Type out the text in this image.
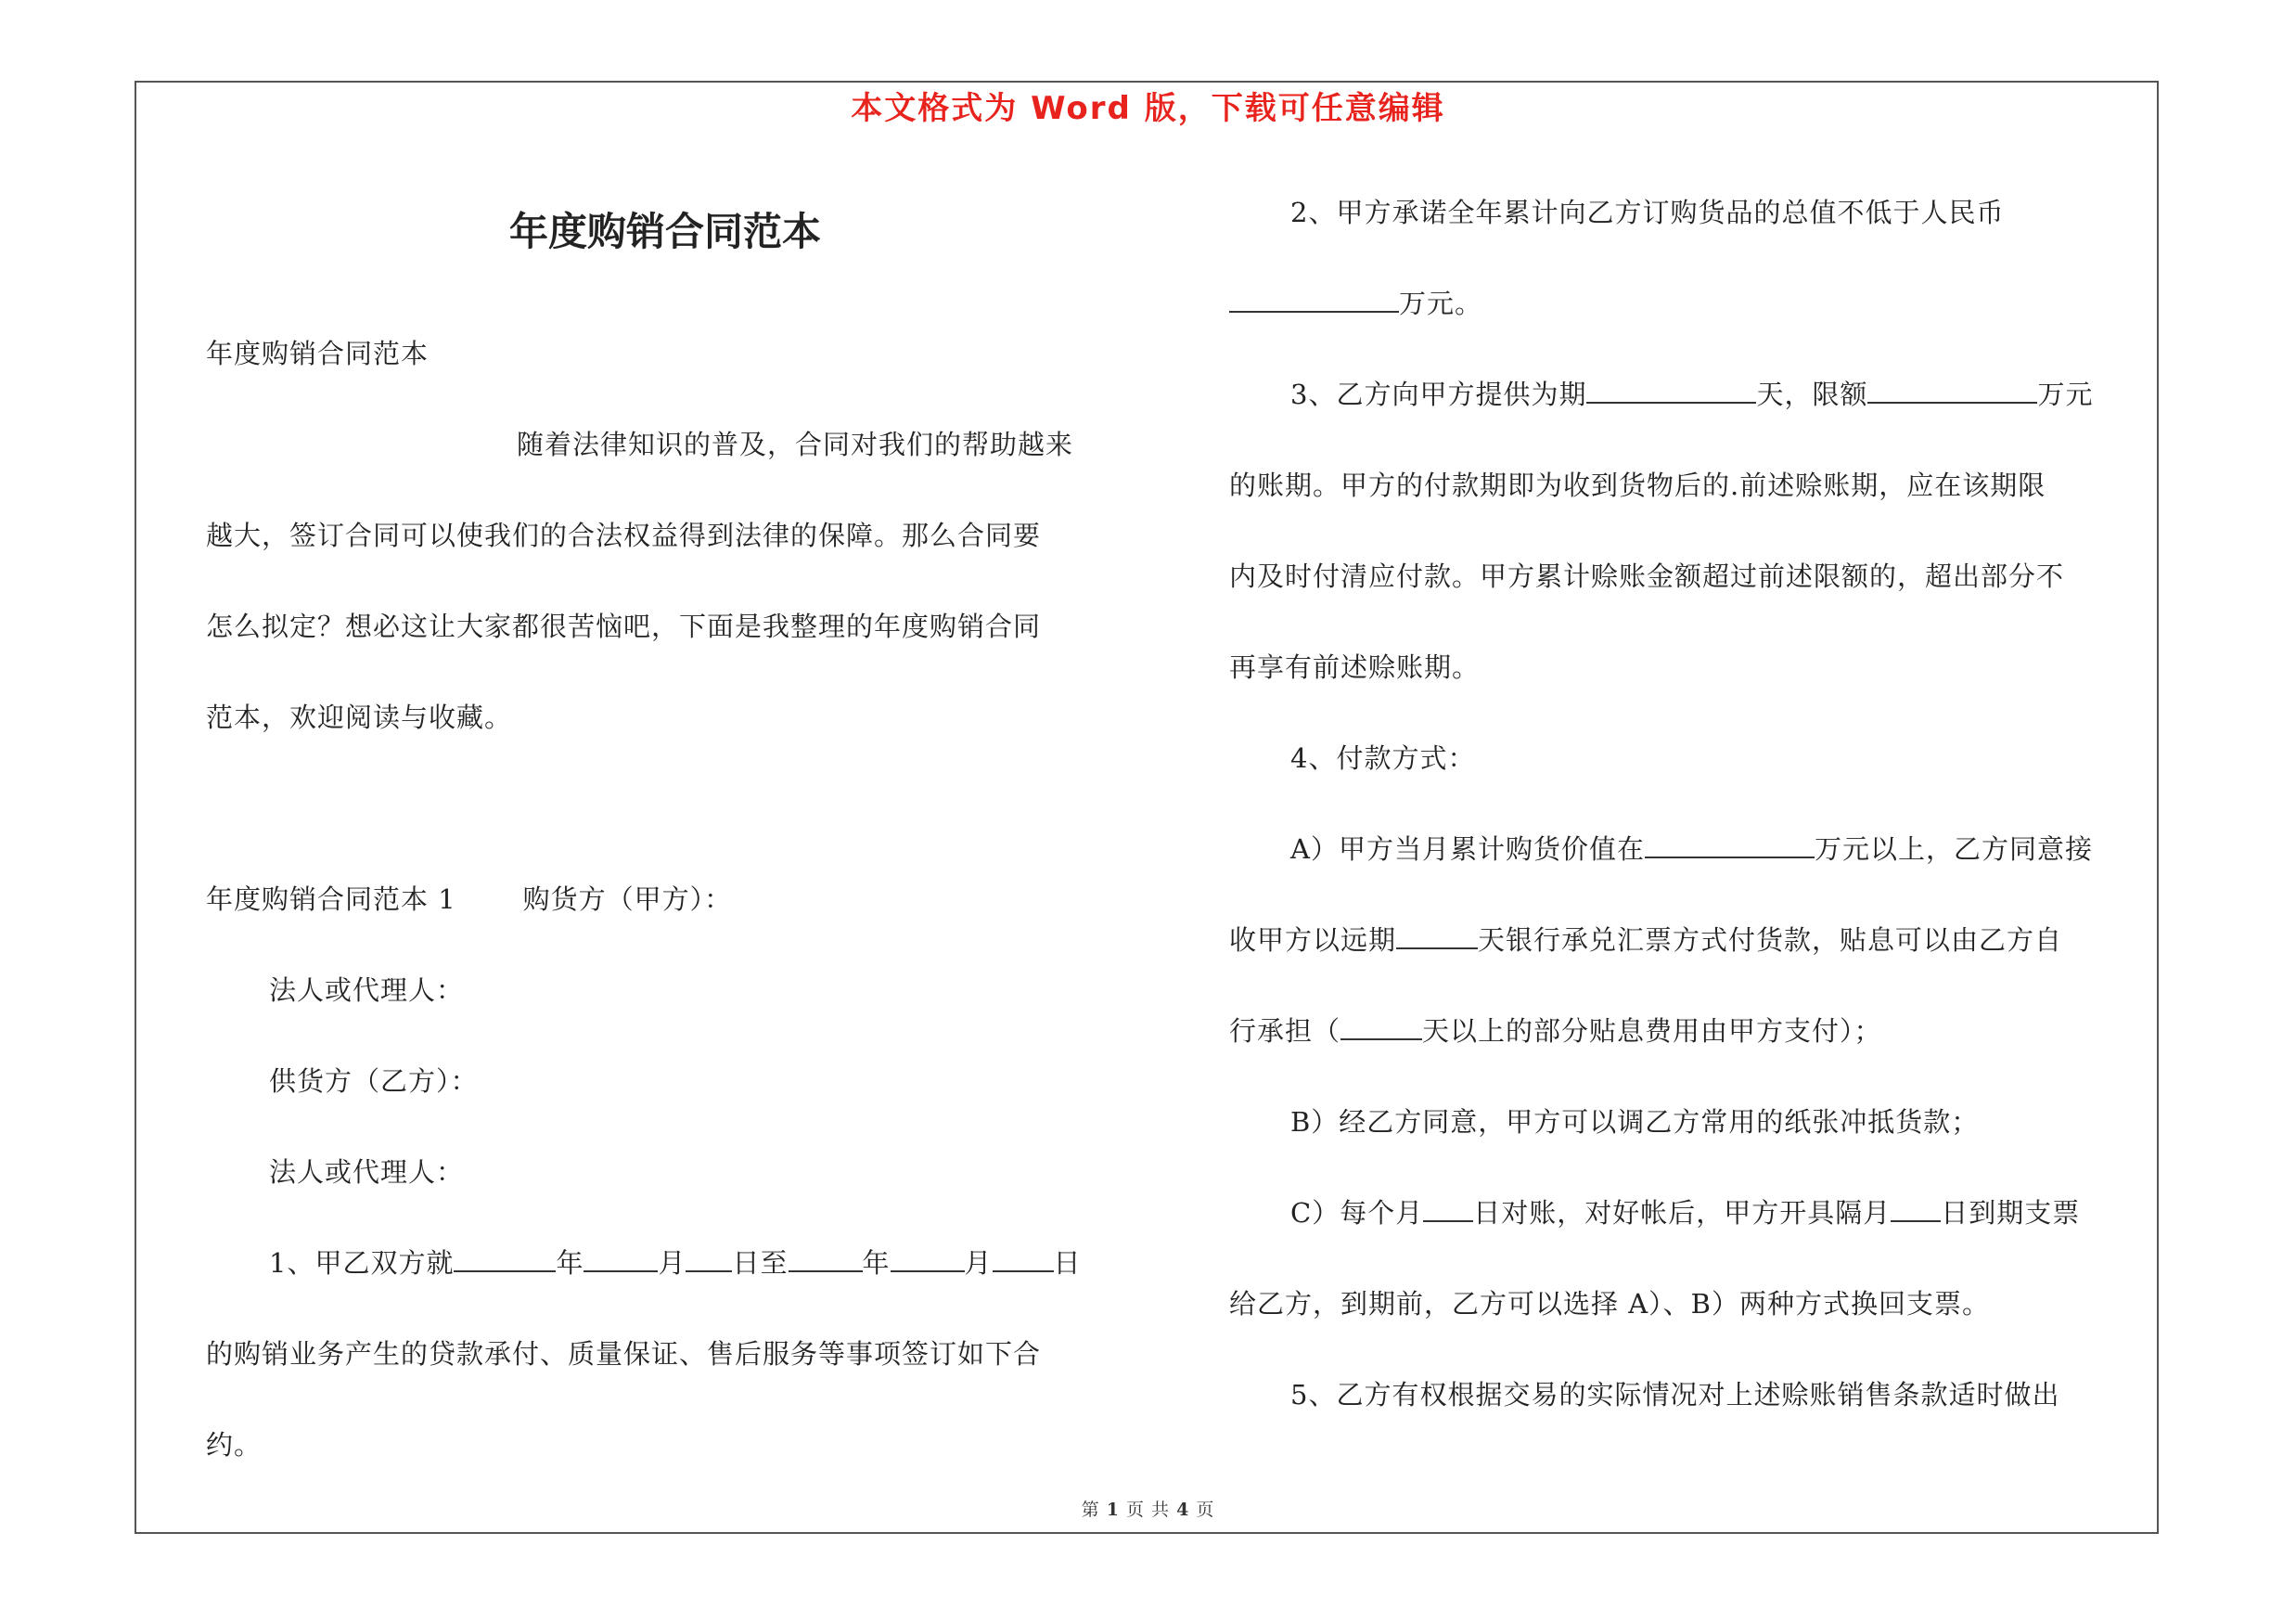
本文格式为 Word 版，下载可任意编辑
年度购销合同范本

年度购销合同范本

随着法律知识的普及，合同对我们的帮助越来

越大，签订合同可以使我们的合法权益得到法律的保障。那么合同要

怎么拟定？想必这让大家都很苦恼吧，下面是我整理的年度购销合同

范本，欢迎阅读与收藏。

年度购销合同范本 1 购货方（甲方）：

法人或代理人：

供货方（乙方）：

法人或代理人：

1、甲乙双方就	年	月 日至	年	月 日

的购销业务产生的贷款承付、质量保证、售后服务等事项签订如下合

约。

2、甲方承诺全年累计向乙方订购货品的总值不低于人民币

万元。

3、乙方向甲方提供为期	天，限额	万元

的账期。甲方的付款期即为收到货物后的.前述赊账期，应在该期限

内及时付清应付款。甲方累计赊账金额超过前述限额的，超出部分不

再享有前述赊账期。

4、付款方式：

A）甲方当月累计购货价值在	万元以上，乙方同意接

收甲方以远期	天银行承兑汇票方式付货款，贴息可以由乙方自

行承担（	天以上的部分贴息费用由甲方支付）；

B）经乙方同意，甲方可以调乙方常用的纸张冲抵货款；

C）每个月 日对账，对好帐后，甲方开具隔月 日到期支票

给乙方，到期前，乙方可以选择 A）、B）两种方式换回支票。

5、乙方有权根据交易的实际情况对上述赊账销售条款适时做出

第 1 页 共 4 页
